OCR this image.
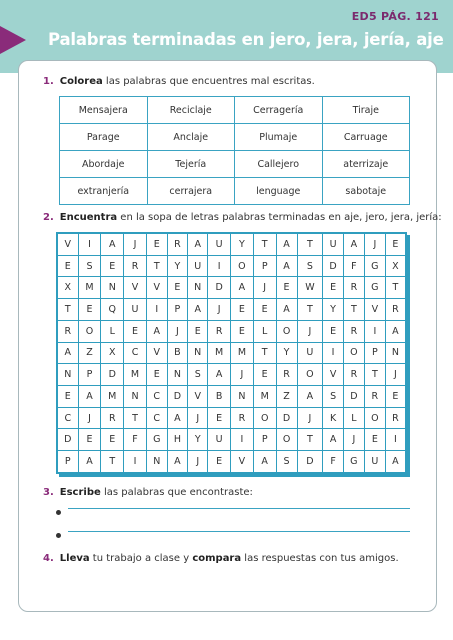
ED5 PÁG. 121
Palabras terminadas en jero, jera, jería, aje
1. Colorea las palabras que encuentres mal escritas.
Mensajera	Reciclaje	Cerragería	Tiraje
Parage	Anclaje	Plumaje	Carruage
Abordaje	Tejería	Callejero	aterrizaje
extranjería	cerrajera	lenguage	sabotaje
2. Encuentra en la sopa de letras palabras terminadas en aje, jero, jera, jería:
V	I	A	J	E	R	A	U	Y	T	A	T	U	A	J	E
E	S	E	R	T	Y	U	I	O	P	A	S	D	F	G	X
X	M	N	V	V	E	N	D	A	J	E	W	E	R	G	T
T	E	Q	U	I	P	A	J	E	E	A	T	Y	T	V	R
R	O	L	E	A	J	E	R	E	L	O	J	E	R	I	A
A	Z	X	C	V	B	N	M	M	T	Y	U	I	O	P	N
N	P	D	M	E	N	S	A	J	E	R	O	V	R	T	J
E	A	M	N	C	D	V	B	N	M	Z	A	S	D	R	E
C	J	R	T	C	A	J	E	R	O	D	J	K	L	O	R
D	E	E	F	G	H	Y	U	I	P	O	T	A	J	E	I
P	A	T	I	N	A	J	E	V	A	S	D	F	G	U	A
3. Escribe las palabras que encontraste:
4. Lleva tu trabajo a clase y compara las respuestas con tus amigos.
